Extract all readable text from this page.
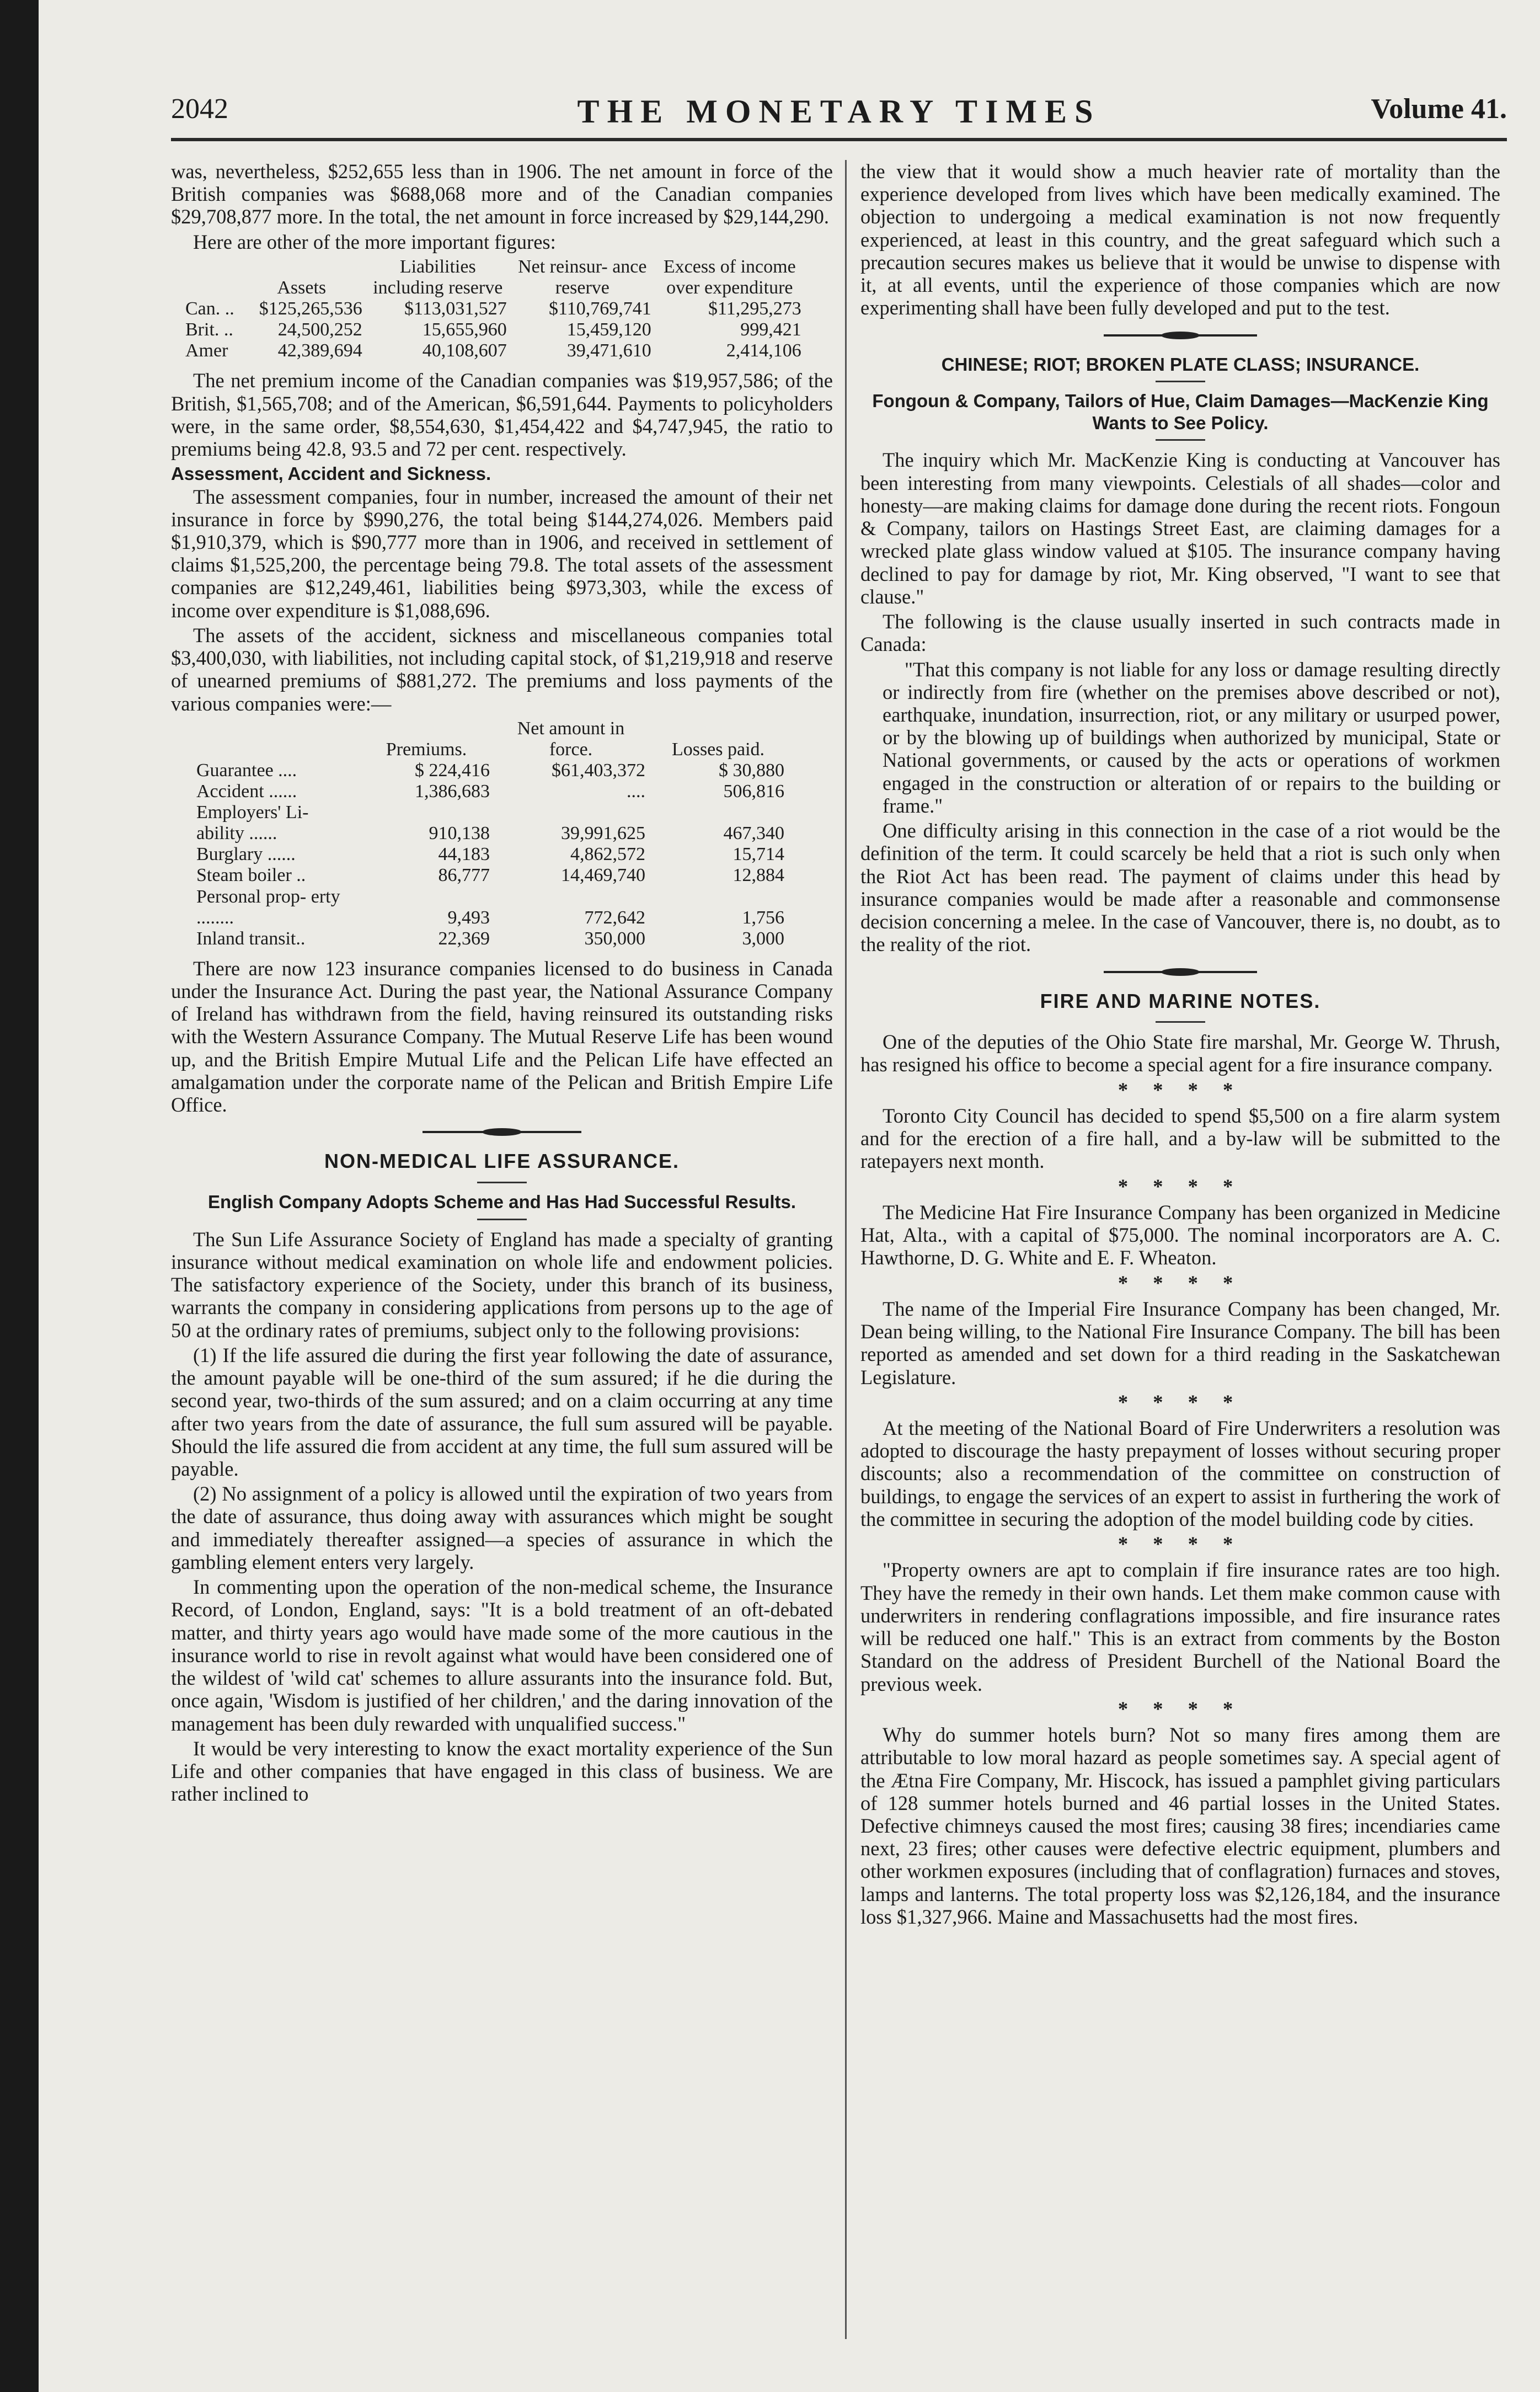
2042	THE MONETARY TIMES	Volume 41.

was, nevertheless, $252,655 less than in 1906. The net amount in force of the British companies was $688,068 more and of the Canadian companies $29,708,877 more. In the total, the net amount in force increased by $29,144,290.

Here are other of the more important figures:

	Assets	Liabilities including reserve	Net reinsur- ance reserve	Excess of income over expenditure
Can. ..	$125,265,536	$113,031,527	$110,769,741	$11,295,273
Brit. ..	24,500,252	15,655,960	15,459,120	999,421
Amer	42,389,694	40,108,607	39,471,610	2,414,106

The net premium income of the Canadian companies was $19,957,586; of the British, $1,565,708; and of the American, $6,591,644. Payments to policyholders were, in the same order, $8,554,630, $1,454,422 and $4,747,945, the ratio to premiums being 42.8, 93.5 and 72 per cent. respectively.

Assessment, Accident and Sickness.

The assessment companies, four in number, increased the amount of their net insurance in force by $990,276, the total being $144,274,026. Members paid $1,910,379, which is $90,777 more than in 1906, and received in settlement of claims $1,525,200, the percentage being 79.8. The total assets of the assessment companies are $12,249,461, liabilities being $973,303, while the excess of income over expenditure is $1,088,696.

The assets of the accident, sickness and miscellaneous companies total $3,400,030, with liabilities, not including capital stock, of $1,219,918 and reserve of unearned premiums of $881,272. The premiums and loss payments of the various companies were:—

	Premiums.	Net amount in force.	Losses paid.
Guarantee ....	$ 224,416	$61,403,372	$ 30,880
Accident ......	1,386,683	....	506,816
Employers' Li- ability ......	910,138	39,991,625	467,340
Burglary ......	44,183	4,862,572	15,714
Steam boiler ..	86,777	14,469,740	12,884
Personal prop- erty ........	9,493	772,642	1,756
Inland transit..	22,369	350,000	3,000

There are now 123 insurance companies licensed to do business in Canada under the Insurance Act. During the past year, the National Assurance Company of Ireland has withdrawn from the field, having reinsured its outstanding risks with the Western Assurance Company. The Mutual Reserve Life has been wound up, and the British Empire Mutual Life and the Pelican Life have effected an amalgamation under the corporate name of the Pelican and British Empire Life Office.

NON-MEDICAL LIFE ASSURANCE.
English Company Adopts Scheme and Has Had Successful Results.

The Sun Life Assurance Society of England has made a specialty of granting insurance without medical examination on whole life and endowment policies. The satisfactory experience of the Society, under this branch of its business, warrants the company in considering applications from persons up to the age of 50 at the ordinary rates of premiums, subject only to the following provisions:

(1) If the life assured die during the first year following the date of assurance, the amount payable will be one-third of the sum assured; if he die during the second year, two-thirds of the sum assured; and on a claim occurring at any time after two years from the date of assurance, the full sum assured will be payable. Should the life assured die from accident at any time, the full sum assured will be payable.

(2) No assignment of a policy is allowed until the expiration of two years from the date of assurance, thus doing away with assurances which might be sought and immediately thereafter assigned—a species of assurance in which the gambling element enters very largely.

In commenting upon the operation of the non-medical scheme, the Insurance Record, of London, England, says: "It is a bold treatment of an oft-debated matter, and thirty years ago would have made some of the more cautious in the insurance world to rise in revolt against what would have been considered one of the wildest of 'wild cat' schemes to allure assurants into the insurance fold. But, once again, 'Wisdom is justified of her children,' and the daring innovation of the management has been duly rewarded with unqualified success."

It would be very interesting to know the exact mortality experience of the Sun Life and other companies that have engaged in this class of business. We are rather inclined to

the view that it would show a much heavier rate of mortality than the experience developed from lives which have been medically examined. The objection to undergoing a medical examination is not now frequently experienced, at least in this country, and the great safeguard which such a precaution secures makes us believe that it would be unwise to dispense with it, at all events, until the experience of those companies which are now experimenting shall have been fully developed and put to the test.

CHINESE; RIOT; BROKEN PLATE CLASS; INSURANCE.
Fongoun & Company, Tailors of Hue, Claim Damages—MacKenzie King Wants to See Policy.

The inquiry which Mr. MacKenzie King is conducting at Vancouver has been interesting from many viewpoints. Celestials of all shades—color and honesty—are making claims for damage done during the recent riots. Fongoun & Company, tailors on Hastings Street East, are claiming damages for a wrecked plate glass window valued at $105. The insurance company having declined to pay for damage by riot, Mr. King observed, "I want to see that clause."

The following is the clause usually inserted in such contracts made in Canada:

"That this company is not liable for any loss or damage resulting directly or indirectly from fire (whether on the premises above described or not), earthquake, inundation, insurrection, riot, or any military or usurped power, or by the blowing up of buildings when authorized by municipal, State or National governments, or caused by the acts or operations of workmen engaged in the construction or alteration of or repairs to the building or frame."

One difficulty arising in this connection in the case of a riot would be the definition of the term. It could scarcely be held that a riot is such only when the Riot Act has been read. The payment of claims under this head by insurance companies would be made after a reasonable and commonsense decision concerning a melee. In the case of Vancouver, there is, no doubt, as to the reality of the riot.

FIRE AND MARINE NOTES.

One of the deputies of the Ohio State fire marshal, Mr. George W. Thrush, has resigned his office to become a special agent for a fire insurance company.

* * * *

Toronto City Council has decided to spend $5,500 on a fire alarm system and for the erection of a fire hall, and a by-law will be submitted to the ratepayers next month.

* * * *

The Medicine Hat Fire Insurance Company has been organized in Medicine Hat, Alta., with a capital of $75,000. The nominal incorporators are A. C. Hawthorne, D. G. White and E. F. Wheaton.

* * * *

The name of the Imperial Fire Insurance Company has been changed, Mr. Dean being willing, to the National Fire Insurance Company. The bill has been reported as amended and set down for a third reading in the Saskatchewan Legislature.

* * * *

At the meeting of the National Board of Fire Underwriters a resolution was adopted to discourage the hasty prepayment of losses without securing proper discounts; also a recommendation of the committee on construction of buildings, to engage the services of an expert to assist in furthering the work of the committee in securing the adoption of the model building code by cities.

* * * *

"Property owners are apt to complain if fire insurance rates are too high. They have the remedy in their own hands. Let them make common cause with underwriters in rendering conflagrations impossible, and fire insurance rates will be reduced one half." This is an extract from comments by the Boston Standard on the address of President Burchell of the National Board the previous week.

* * * *

Why do summer hotels burn? Not so many fires among them are attributable to low moral hazard as people sometimes say. A special agent of the Ætna Fire Company, Mr. Hiscock, has issued a pamphlet giving particulars of 128 summer hotels burned and 46 partial losses in the United States. Defective chimneys caused the most fires; causing 38 fires; incendiaries came next, 23 fires; other causes were defective electric equipment, plumbers and other workmen exposures (including that of conflagration) furnaces and stoves, lamps and lanterns. The total property loss was $2,126,184, and the insurance loss $1,327,966. Maine and Massachusetts had the most fires.
